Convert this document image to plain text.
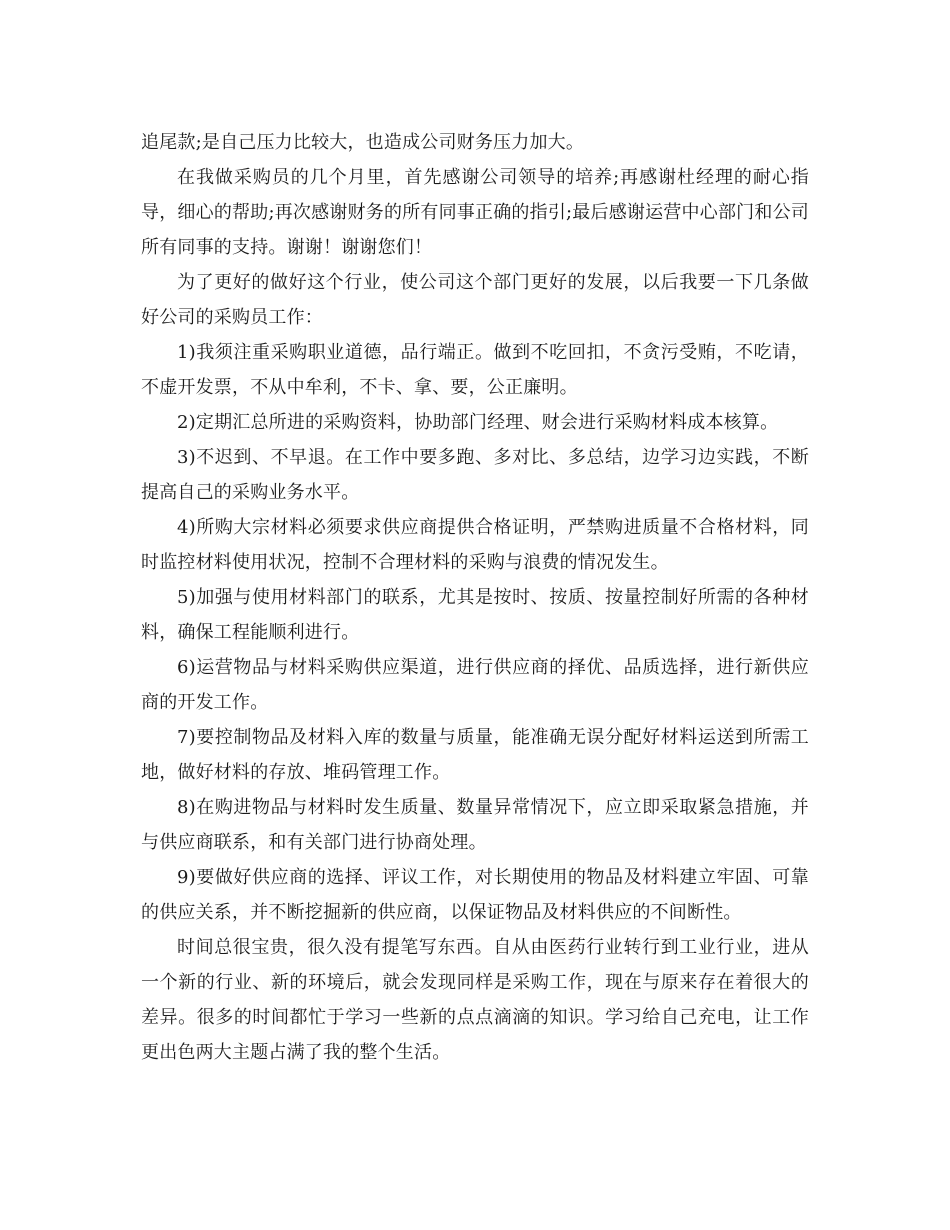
追尾款;是自己压力比较大，也造成公司财务压力加大。

在我做采购员的几个月里，首先感谢公司领导的培养;再感谢杜经理的耐心指导，细心的帮助;再次感谢财务的所有同事正确的指引;最后感谢运营中心部门和公司所有同事的支持。谢谢！谢谢您们！

为了更好的做好这个行业，使公司这个部门更好的发展，以后我要一下几条做好公司的采购员工作：

1)我须注重采购职业道德，品行端正。做到不吃回扣，不贪污受贿，不吃请，不虚开发票，不从中牟利，不卡、拿、要，公正廉明。

2)定期汇总所进的采购资料，协助部门经理、财会进行采购材料成本核算。

3)不迟到、不早退。在工作中要多跑、多对比、多总结，边学习边实践，不断提高自己的采购业务水平。

4)所购大宗材料必须要求供应商提供合格证明，严禁购进质量不合格材料，同时监控材料使用状况，控制不合理材料的采购与浪费的情况发生。

5)加强与使用材料部门的联系，尤其是按时、按质、按量控制好所需的各种材料，确保工程能顺利进行。

6)运营物品与材料采购供应渠道，进行供应商的择优、品质选择，进行新供应商的开发工作。

7)要控制物品及材料入库的数量与质量，能准确无误分配好材料运送到所需工地，做好材料的存放、堆码管理工作。

8)在购进物品与材料时发生质量、数量异常情况下，应立即采取紧急措施，并与供应商联系，和有关部门进行协商处理。

9)要做好供应商的选择、评议工作，对长期使用的物品及材料建立牢固、可靠的供应关系，并不断挖掘新的供应商，以保证物品及材料供应的不间断性。

时间总很宝贵，很久没有提笔写东西。自从由医药行业转行到工业行业，进从一个新的行业、新的环境后，就会发现同样是采购工作，现在与原来存在着很大的差异。很多的时间都忙于学习一些新的点点滴滴的知识。学习给自己充电，让工作更出色两大主题占满了我的整个生活。
